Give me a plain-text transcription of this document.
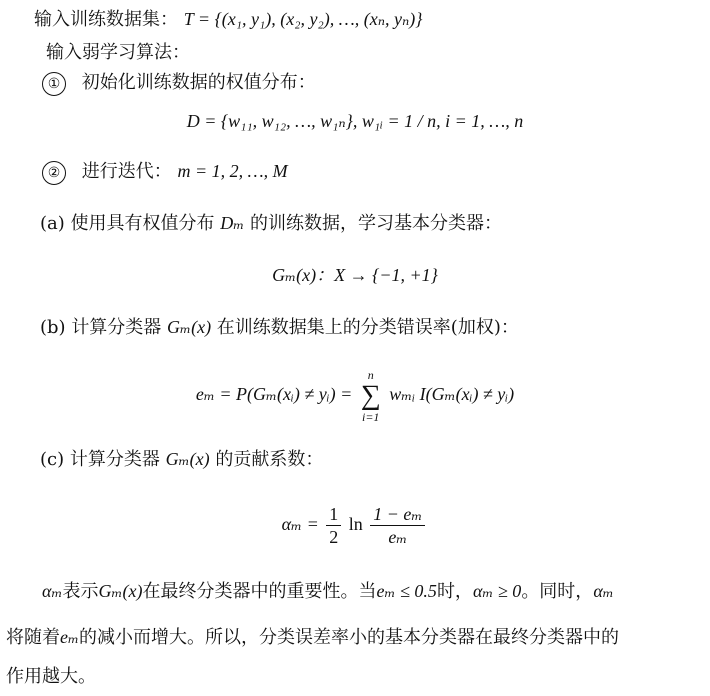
输入训练数据集： T = {(x₁, y₁), (x₂, y₂), …, (xₙ, yₙ)}
输入弱学习算法：
① 初始化训练数据的权值分布：
D = {w₁₁, w₁₂, …, w₁ₙ}, w₁ᵢ = 1 / n, i = 1, …, n
② 进行迭代： m = 1, 2, …, M
(a) 使用具有权值分布 Dₘ 的训练数据，学习基本分类器：
Gₘ(x)：X → {−1, +1}
(b) 计算分类器 Gₘ(x) 在训练数据集上的分类错误率(加权)：
eₘ = P(Gₘ(xᵢ) ≠ yᵢ) =
n
∑
i=1
wₘᵢ I(Gₘ(xᵢ) ≠ yᵢ)
(c) 计算分类器 Gₘ(x) 的贡献系数：
$\alpha_m = \frac{1}{2}$ $\ln \frac{\text{1 − eₘ}}{\text{eₘ}}$
αₘ表示Gₘ(x)在最终分类器中的重要性。当eₘ ≤ 0.5时，αₘ ≥ 0。同时，αₘ
将随着eₘ的减小而增大。所以，分类误差率小的基本分类器在最终分类器中的
作用越大。
